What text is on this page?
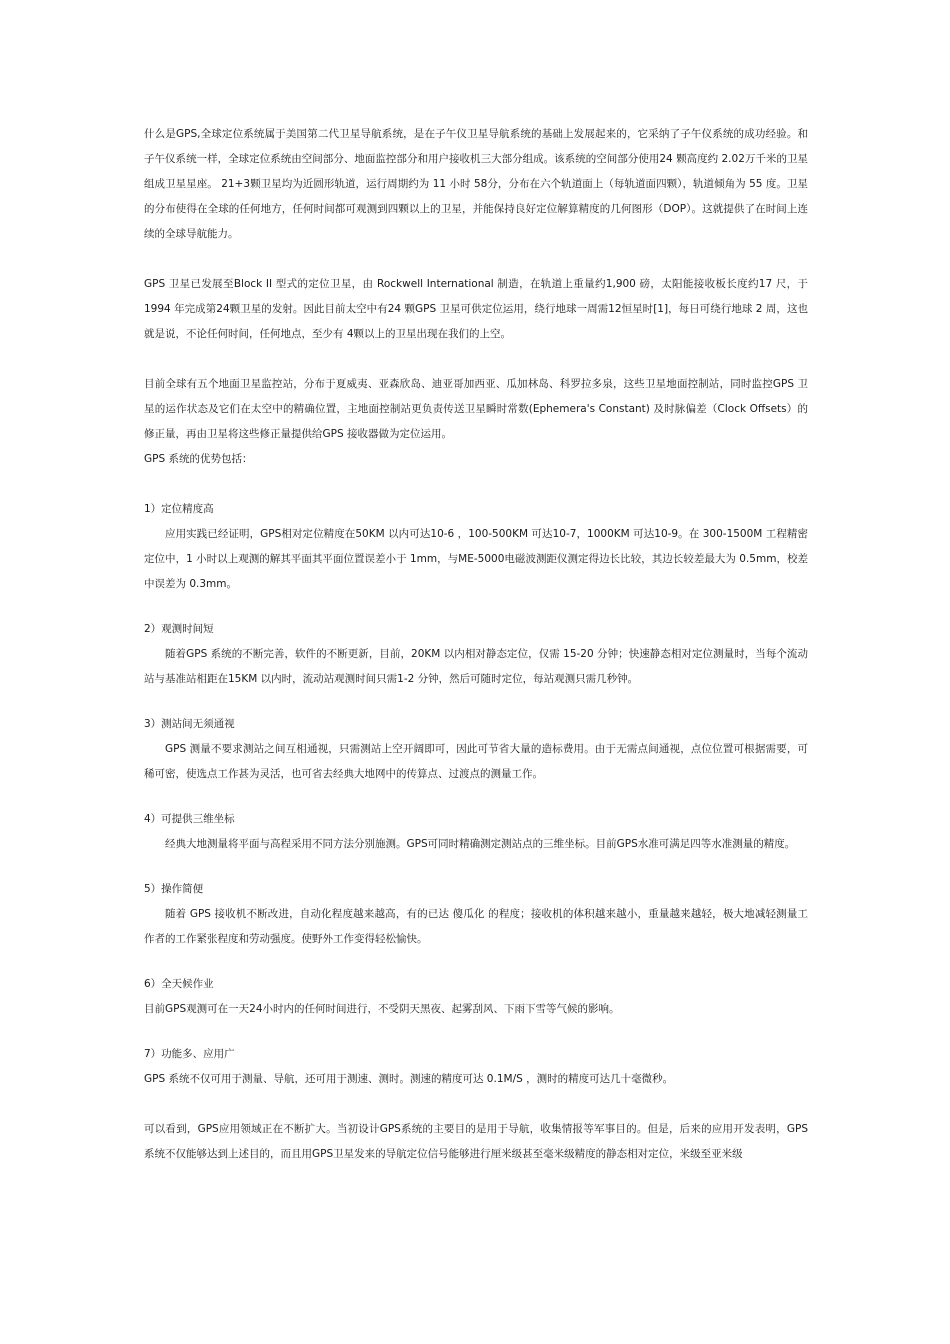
什么是GPS,全球定位系统属于美国第二代卫星导航系统，是在子午仪卫星导航系统的基础上发展起来的，它采纳了子午仪系统的成功经验。和子午仪系统一样，全球定位系统由空间部分、地面监控部分和用户接收机三大部分组成。该系统的空间部分使用24 颗高度约 2.02万千米的卫星组成卫星星座。 21+3颗卫星均为近圆形轨道，运行周期约为 11 小时 58分，分布在六个轨道面上（每轨道面四颗），轨道倾角为 55 度。卫星的分布使得在全球的任何地方，任何时间都可观测到四颗以上的卫星，并能保持良好定位解算精度的几何图形（DOP）。这就提供了在时间上连续的全球导航能力。

GPS 卫星已发展至Block II 型式的定位卫星，由 Rockwell International 制造，在轨道上重量约1,900 磅，太阳能接收板长度约17 尺，于1994 年完成第24颗卫星的发射。因此目前太空中有24 颗GPS 卫星可供定位运用，绕行地球一周需12恒星时[1]，每日可绕行地球 2 周，这也就是说，不论任何时间，任何地点，至少有 4颗以上的卫星出现在我们的上空。

目前全球有五个地面卫星监控站，分布于夏威夷、亚森欣岛、迪亚哥加西亚、瓜加林岛、科罗拉多泉，这些卫星地面控制站，同时监控GPS 卫星的运作状态及它们在太空中的精确位置，主地面控制站更负责传送卫星瞬时常数(Ephemera's Constant) 及时脉偏差（Clock Offsets）的修正量，再由卫星将这些修正量提供给GPS 接收器做为定位运用。

GPS 系统的优势包括：

1）定位精度高

应用实践已经证明，GPS相对定位精度在50KM 以内可达10-6 ，100-500KM 可达10-7，1000KM 可达10-9。在 300-1500M 工程精密定位中，1 小时以上观测的解其平面其平面位置误差小于 1mm，与ME-5000电磁波测距仪测定得边长比较，其边长较差最大为 0.5mm，校差中误差为 0.3mm。

2）观测时间短

随着GPS 系统的不断完善，软件的不断更新，目前，20KM 以内相对静态定位，仅需 15-20 分钟；快速静态相对定位测量时，当每个流动站与基准站相距在15KM 以内时，流动站观测时间只需1-2 分钟，然后可随时定位，每站观测只需几秒钟。

3）测站间无须通视

GPS 测量不要求测站之间互相通视，只需测站上空开阔即可，因此可节省大量的造标费用。由于无需点间通视，点位位置可根据需要，可稀可密，使选点工作甚为灵活，也可省去经典大地网中的传算点、过渡点的测量工作。

4）可提供三维坐标

经典大地测量将平面与高程采用不同方法分别施测。GPS可同时精确测定测站点的三维坐标。目前GPS水准可满足四等水准测量的精度。

5）操作简便

随着 GPS 接收机不断改进，自动化程度越来越高，有的已达 傻瓜化 的程度；接收机的体积越来越小，重量越来越轻，极大地减轻测量工作者的工作紧张程度和劳动强度。使野外工作变得轻松愉快。

6）全天候作业

目前GPS观测可在一天24小时内的任何时间进行，不受阴天黑夜、起雾刮风、下雨下雪等气候的影响。

7）功能多、应用广

GPS 系统不仅可用于测量、导航，还可用于测速、测时。测速的精度可达 0.1M/S ，测时的精度可达几十毫微秒。

可以看到，GPS应用领域正在不断扩大。当初设计GPS系统的主要目的是用于导航，收集情报等军事目的。但是，后来的应用开发表明，GPS 系统不仅能够达到上述目的，而且用GPS卫星发来的导航定位信号能够进行厘米级甚至毫米级精度的静态相对定位，米级至亚米级
